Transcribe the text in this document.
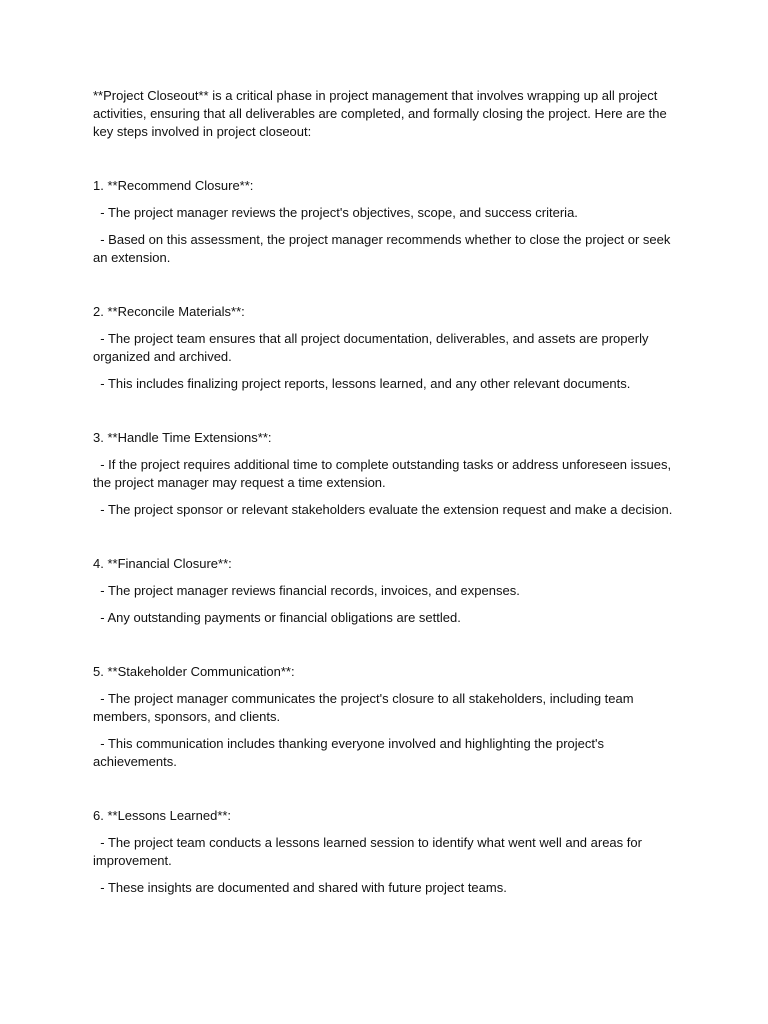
**Project Closeout** is a critical phase in project management that involves wrapping up all project activities, ensuring that all deliverables are completed, and formally closing the project. Here are the key steps involved in project closeout:

1. **Recommend Closure**:

- The project manager reviews the project's objectives, scope, and success criteria.

- Based on this assessment, the project manager recommends whether to close the project or seek an extension.

2. **Reconcile Materials**:

- The project team ensures that all project documentation, deliverables, and assets are properly organized and archived.

- This includes finalizing project reports, lessons learned, and any other relevant documents.

3. **Handle Time Extensions**:

- If the project requires additional time to complete outstanding tasks or address unforeseen issues, the project manager may request a time extension.

- The project sponsor or relevant stakeholders evaluate the extension request and make a decision.

4. **Financial Closure**:

- The project manager reviews financial records, invoices, and expenses.

- Any outstanding payments or financial obligations are settled.

5. **Stakeholder Communication**:

- The project manager communicates the project's closure to all stakeholders, including team members, sponsors, and clients.

- This communication includes thanking everyone involved and highlighting the project's achievements.

6. **Lessons Learned**:

- The project team conducts a lessons learned session to identify what went well and areas for improvement.

- These insights are documented and shared with future project teams.
